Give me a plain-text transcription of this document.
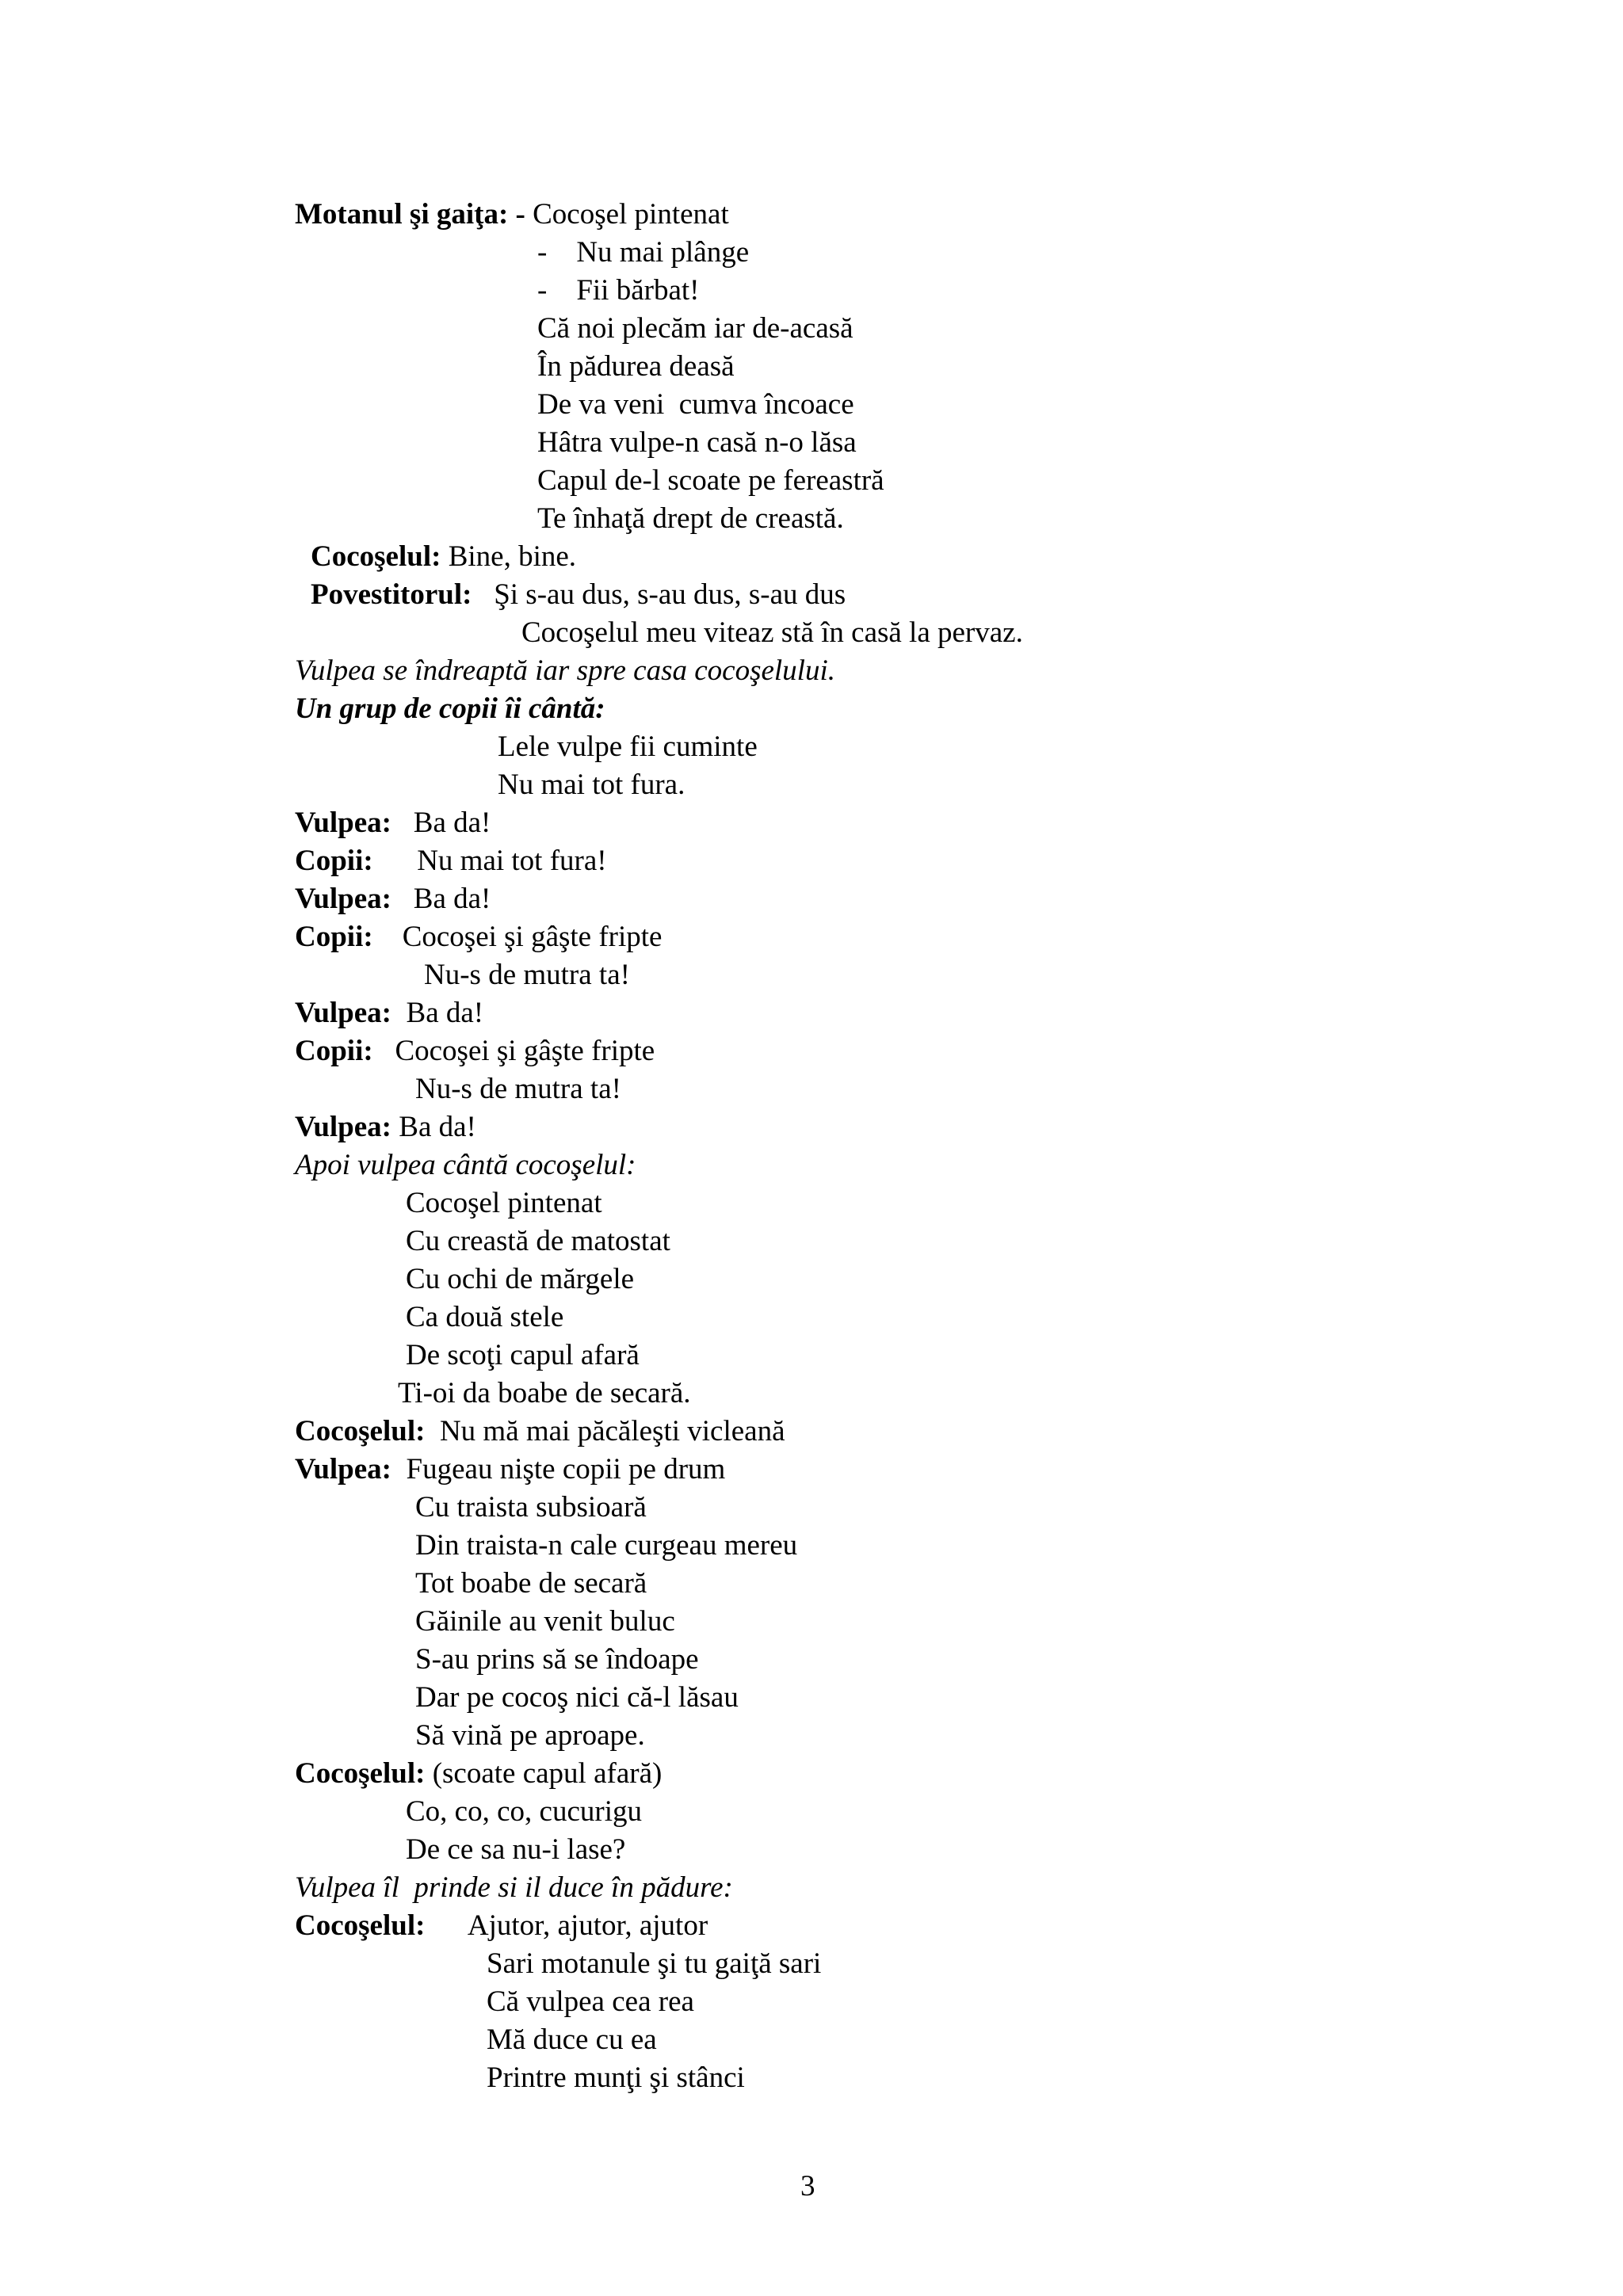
Motanul şi gaiţa: - Cocoşel pintenat
-    Nu mai plânge
-    Fii bărbat!
Că noi plecăm iar de-acasă
În pădurea deasă
De va veni  cumva încoace
Hâtra vulpe-n casă n-o lăsa
Capul de-l scoate pe fereastră
Te înhaţă drept de creastă.
Cocoşelul: Bine, bine.
Povestitorul:   Şi s-au dus, s-au dus, s-au dus
Cocoşelul meu viteaz stă în casă la pervaz.
Vulpea se îndreaptă iar spre casa cocoşelului.
Un grup de copii îi cântă:
Lele vulpe fii cuminte
Nu mai tot fura.
Vulpea:   Ba da!
Copii:      Nu mai tot fura!
Vulpea:   Ba da!
Copii:    Cocoşei şi gâşte fripte
Nu-s de mutra ta!
Vulpea:  Ba da!
Copii:   Cocoşei şi gâşte fripte
Nu-s de mutra ta!
Vulpea: Ba da!
Apoi vulpea cântă cocoşelul:
Cocoşel pintenat
Cu creastă de matostat
Cu ochi de mărgele
Ca două stele
De scoţi capul afară
Ti-oi da boabe de secară.
Cocoşelul:  Nu mă mai păcăleşti vicleană
Vulpea:  Fugeau nişte copii pe drum
Cu traista subsioară
Din traista-n cale curgeau mereu
Tot boabe de secară
Găinile au venit buluc
S-au prins să se îndoape
Dar pe cocoş nici că-l lăsau
Să vină pe aproape.
Cocoşelul: (scoate capul afară)
Co, co, co, cucurigu
De ce sa nu-i lase?
Vulpea îl  prinde si il duce în pădure:
Cocoşelul:      Ajutor, ajutor, ajutor
Sari motanule şi tu gaiţă sari
Că vulpea cea rea
Mă duce cu ea
Printre munţi şi stânci
3
